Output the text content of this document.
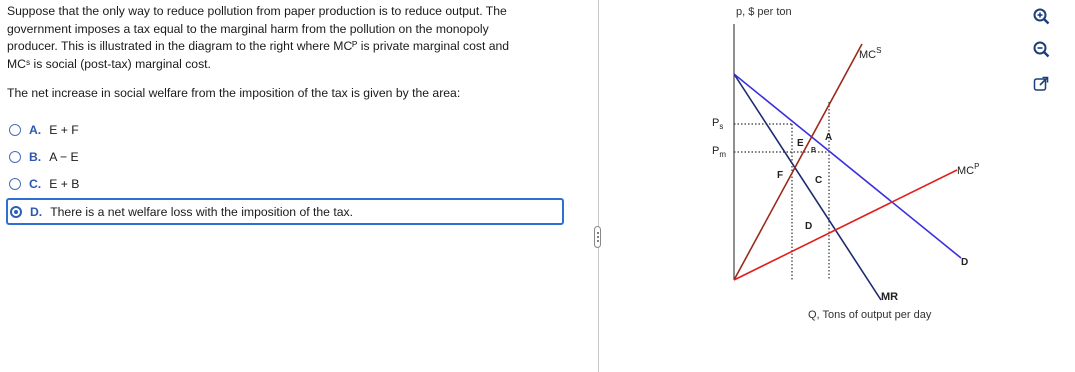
Suppose that the only way to reduce pollution from paper production is to reduce output. The

government imposes a tax equal to the marginal harm from the pollution on the monopoly

producer. This is illustrated in the diagram to the right where MCᴾ is private marginal cost and

MCˢ is social (post-tax) marginal cost.

The net increase in social welfare from the imposition of the tax is given by the area:
A. E + F
B. A − E
C. E + B
D. There is a net welfare loss with the imposition of the tax.
p, $ per ton
$P_s$
$P_m$
$MC^S$
$MC^P$
D
MR
Q, Tons of output per day
A
B
C
D
E
F
